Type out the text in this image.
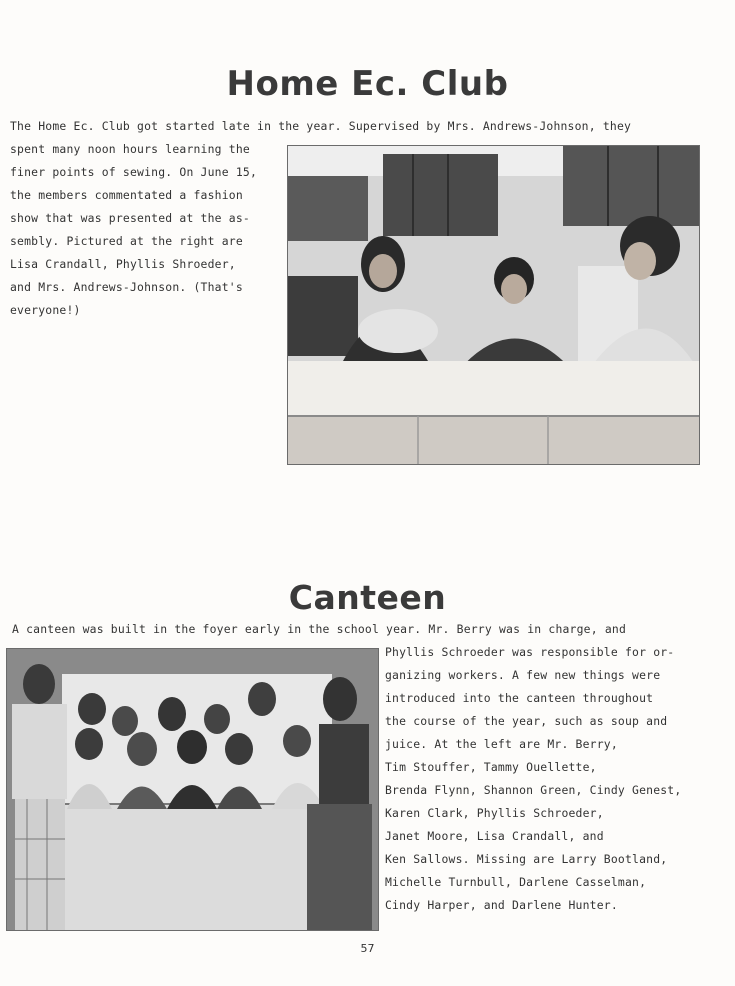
Home Ec. Club
The Home Ec. Club got started late in the year. Supervised by Mrs. Andrews-Johnson, they
spent many noon hours learning the
finer points of sewing. On June 15,
the members commentated a fashion
show that was presented at the as-
sembly. Pictured at the right are
Lisa Crandall, Phyllis Shroeder,
and Mrs. Andrews-Johnson. (That's
everyone!)
Canteen
A canteen was built in the foyer early in the school year. Mr. Berry was in charge, and
Phyllis Schroeder was responsible for or-
ganizing workers. A few new things were
introduced into the canteen throughout
the course of the year, such as soup and
juice. At the left are Mr. Berry,
Tim Stouffer, Tammy Ouellette,
Brenda Flynn, Shannon Green, Cindy Genest,
Karen Clark, Phyllis Schroeder,
Janet Moore, Lisa Crandall, and
Ken Sallows. Missing are Larry Bootland,
Michelle Turnbull, Darlene Casselman,
Cindy Harper, and Darlene Hunter.
57
